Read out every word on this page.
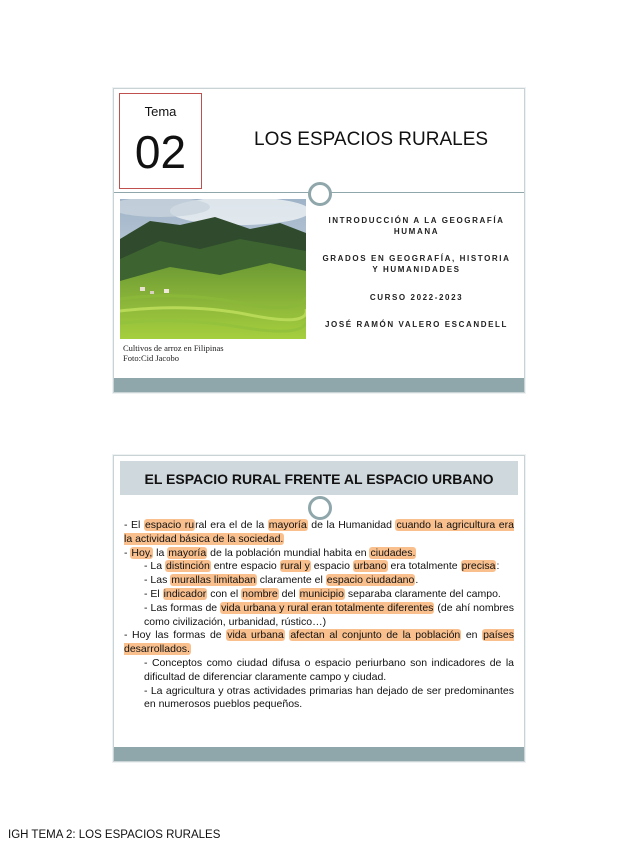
Tema
02	LOS ESPACIOS RURALES
Cultivos de arroz en Filipinas
Foto:Cid Jacobo
INTRODUCCIÓN A LA GEOGRAFÍA HUMANA
GRADOS EN GEOGRAFÍA, HISTORIA Y HUMANIDADES
CURSO 2022-2023
JOSÉ RAMÓN VALERO ESCANDELL
EL ESPACIO RURAL FRENTE AL ESPACIO URBANO

- El espacio rural era el de la mayoría de la Humanidad cuando la agricultura era la actividad básica de la sociedad.

- Hoy, la mayoría de la población mundial habita en ciudades.

- La distinción entre espacio rural y espacio urbano era totalmente precisa:

- Las murallas limitaban claramente el espacio ciudadano.

- El indicador con el nombre del municipio separaba claramente del campo.

- Las formas de vida urbana y rural eran totalmente diferentes (de ahí nombres como civilización, urbanidad, rústico…)

- Hoy las formas de vida urbana afectan al conjunto de la población en países desarrollados.

- Conceptos como ciudad difusa o espacio periurbano son indicadores de la dificultad de diferenciar claramente campo y ciudad.

- La agricultura y otras actividades primarias han dejado de ser predominantes en numerosos pueblos pequeños.

IGH TEMA 2: LOS ESPACIOS RURALES
